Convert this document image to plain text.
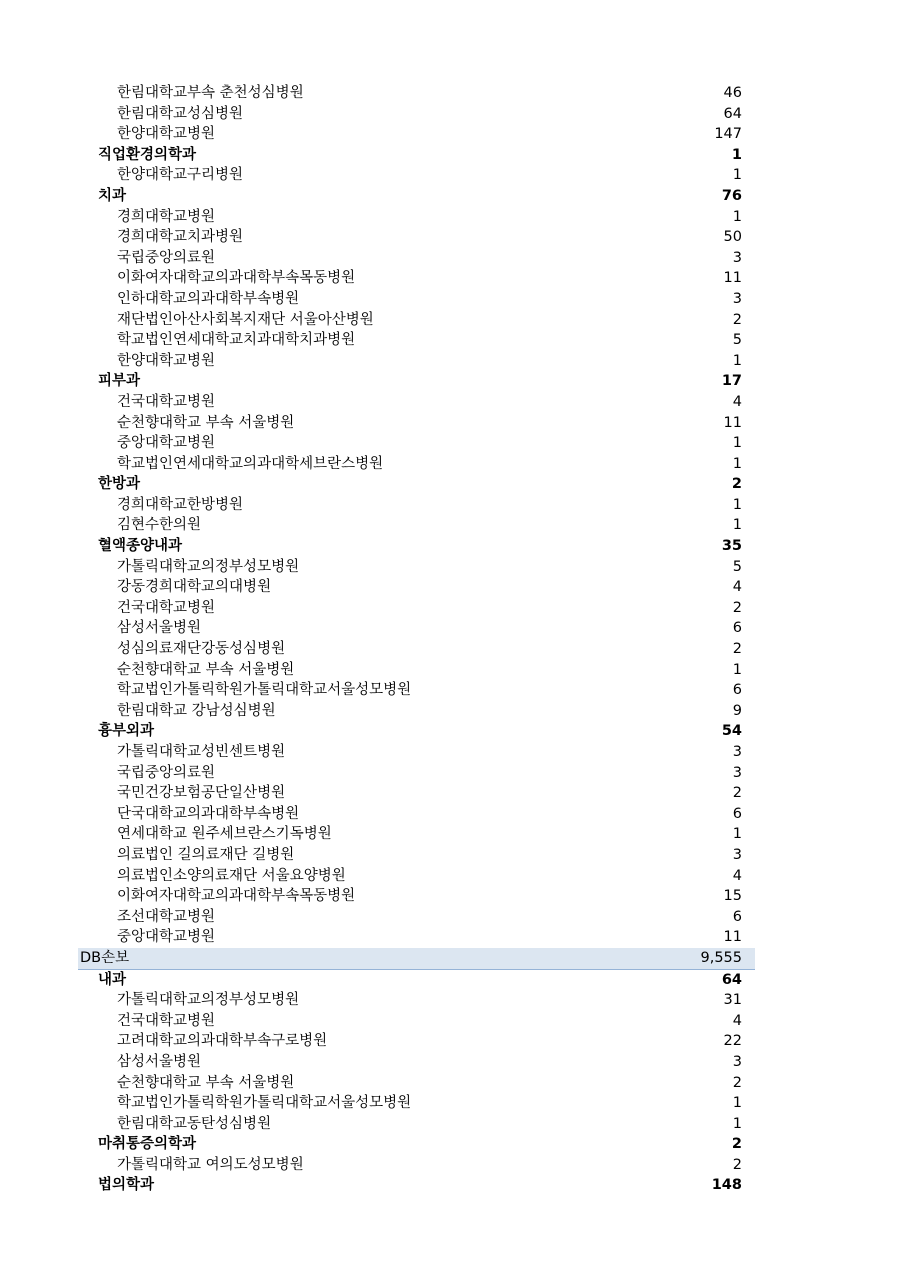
한림대학교부속 춘천성심병원	46
한림대학교성심병원	64
한양대학교병원	147
직업환경의학과	1
한양대학교구리병원	1
치과	76
경희대학교병원	1
경희대학교치과병원	50
국립중앙의료원	3
이화여자대학교의과대학부속목동병원	11
인하대학교의과대학부속병원	3
재단법인아산사회복지재단 서울아산병원	2
학교법인연세대학교치과대학치과병원	5
한양대학교병원	1
피부과	17
건국대학교병원	4
순천향대학교 부속 서울병원	11
중앙대학교병원	1
학교법인연세대학교의과대학세브란스병원	1
한방과	2
경희대학교한방병원	1
김현수한의원	1
혈액종양내과	35
가톨릭대학교의정부성모병원	5
강동경희대학교의대병원	4
건국대학교병원	2
삼성서울병원	6
성심의료재단강동성심병원	2
순천향대학교 부속 서울병원	1
학교법인가톨릭학원가톨릭대학교서울성모병원	6
한림대학교 강남성심병원	9
흉부외과	54
가톨릭대학교성빈센트병원	3
국립중앙의료원	3
국민건강보험공단일산병원	2
단국대학교의과대학부속병원	6
연세대학교 원주세브란스기독병원	1
의료법인 길의료재단 길병원	3
의료법인소양의료재단 서울요양병원	4
이화여자대학교의과대학부속목동병원	15
조선대학교병원	6
중앙대학교병원	11
DB손보	9,555
내과	64
가톨릭대학교의정부성모병원	31
건국대학교병원	4
고려대학교의과대학부속구로병원	22
삼성서울병원	3
순천향대학교 부속 서울병원	2
학교법인가톨릭학원가톨릭대학교서울성모병원	1
한림대학교동탄성심병원	1
마취통증의학과	2
가톨릭대학교 여의도성모병원	2
법의학과	148
